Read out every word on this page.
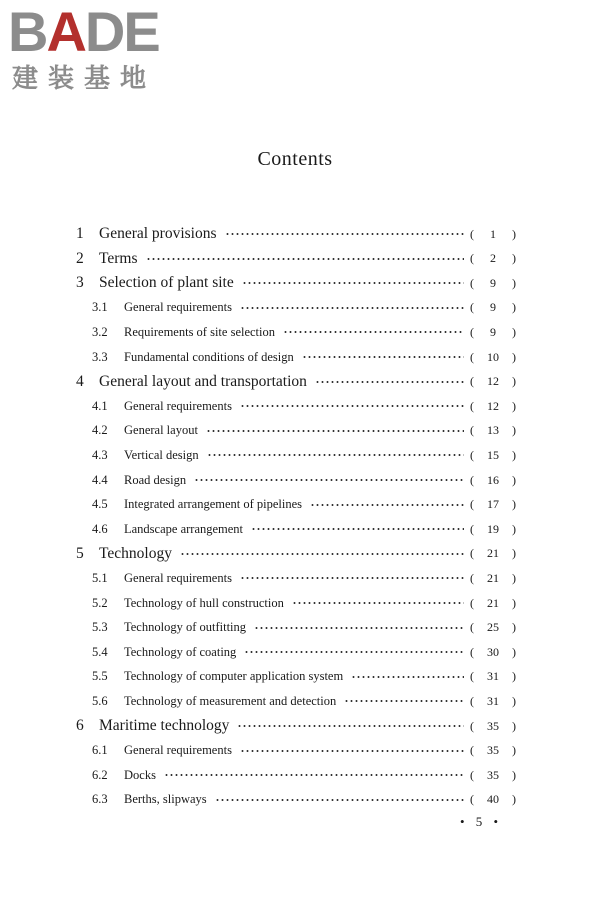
BADE
建装基地
Contents
1 General provisions	( 1 )
2 Terms	( 2 )
3 Selection of plant site	( 9 )
3.1	General requirements	( 9 )
3.2	Requirements of site selection	( 9 )
3.3	Fundamental conditions of design	( 10 )
4 General layout and transportation	( 12 )
4.1	General requirements	( 12 )
4.2	General layout	( 13 )
4.3	Vertical design	( 15 )
4.4	Road design	( 16 )
4.5	Integrated arrangement of pipelines	( 17 )
4.6	Landscape arrangement	( 19 )
5 Technology	( 21 )
5.1	General requirements	( 21 )
5.2	Technology of hull construction	( 21 )
5.3	Technology of outfitting	( 25 )
5.4	Technology of coating	( 30 )
5.5	Technology of computer application system	( 31 )
5.6	Technology of measurement and detection	( 31 )
6 Maritime technology	( 35 )
6.1	General requirements	( 35 )
6.2	Docks	( 35 )
6.3	Berths, slipways	( 40 )
• 5 •
